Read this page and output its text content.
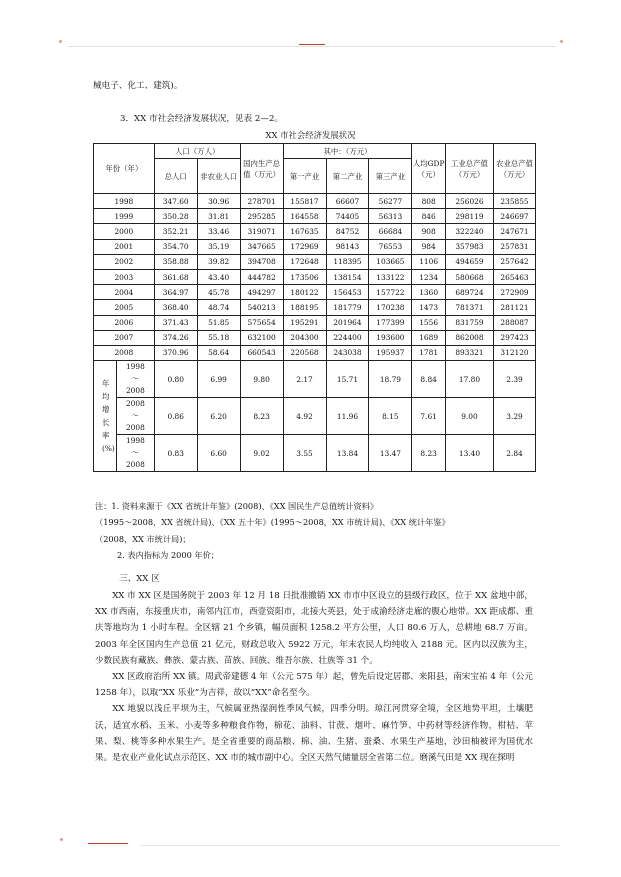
械电子、化工、建筑)。
3．XX 市社会经济发展状况，见表 2—2。
XX 市社会经济发展状况
年份（年）		人口（万人）		国内生产总值（万元）	其中：（万元）			人均GDP（元）	工业总产值（万元）	农业总产值（万元）
		总人口	非农业人口		第一产业	第二产业	第三产业			
1998		347.60	30.96	278701	155817	66607	56277	808	256026	235855
1999		350.28	31.81	295285	164558	74405	56313	846	298119	246697
2000		352.21	33.46	319071	167635	84752	66684	908	322240	247671
2001		354.70	35.19	347665	172969	98143	76553	984	357983	257831
2002		358.88	39.82	394708	172648	118395	103665	1106	494659	257642
2003		361.68	43.40	444782	173506	138154	133122	1234	580668	265463
2004		364.97	45.78	494297	180122	156453	157722	1360	689724	272909
2005		368.40	48.74	540213	188195	181779	170238	1473	781371	281121
2006		371.43	51.85	575654	195291	201964	177399	1556	831759	288087
2007		374.26	55.18	632100	204300	224400	193600	1689	862008	297423
2008		370.96	58.64	660543	220568	243038	195937	1781	893321	312120
年均增长率(%)	1998～2008	0.80	6.99	9.80	2.17	15.71	18.79	8.84	17.80	2.39
	2008～2008	0.86	6.20	8.23	4.92	11.96	8.15	7.61	9.00	3.29
	1998～2008	0.83	6.60	9.02	3.55	13.84	13.47	8.23	13.40	2.84
注：1. 资料来源于《XX 省统计年鉴》(2008)、《XX 国民生产总值统计资料》
（1995～2008，XX 省统计局)、《XX 五十年》(1995～2008，XX 市统计局)、《XX 统计年鉴》
（2008，XX 市统计局)；
2. 表内指标为 2000 年价；
三、XX 区

XX 市 XX 区是国务院于 2003 年 12 月 18 日批准撤销 XX 市市中区设立的县级行政区，位于 XX 盆地中部，XX 市西南，东接重庆市，南邻内江市，西壹资阳市，北接大英县，处于成渝经济走廊的腹心地带。XX 距成都、重庆等地均为 1 小时车程。全区辖 21 个乡镇，幅员面积 1258.2 平方公里，人口 80.6 万人，总耕地 68.7 万亩。2003 年全区国内生产总值 21 亿元，财政总收入 5922 万元，年末农民人均纯收入 2188 元。区内以汉族为主，少数民族有藏族、彝族、蒙古族、苗族、回族、维吾尔族、壮族等 31 个。

XX 区政府治所 XX 镇。周武帝建德 4 年（公元 575 年）起，曾先后设定居郡、来阳县，南宋宝祐 4 年（公元 1258 年），以取“XX 乐业”为吉祥，故以“XX”命名至今。

XX 地貌以浅丘平坝为主，气候属亚热湿润性季风气候，四季分明。琼江河贯穿全境，全区地势平坦，土壤肥沃，适宜水稻、玉米、小麦等多种粮食作物，棉花、油料、甘蔗、烟叶、麻竹笋、中药材等经济作物，柑桔、苹果、梨、桃等多种水果生产。是全省重要的商品粮、棉、油、生猪、蚕桑、水果生产基地，沙田柚被评为国优水果。是农业产业化试点示范区、XX 市的城市副中心。全区天然气储量居全省第二位。磨溪气田是 XX 现在探明
